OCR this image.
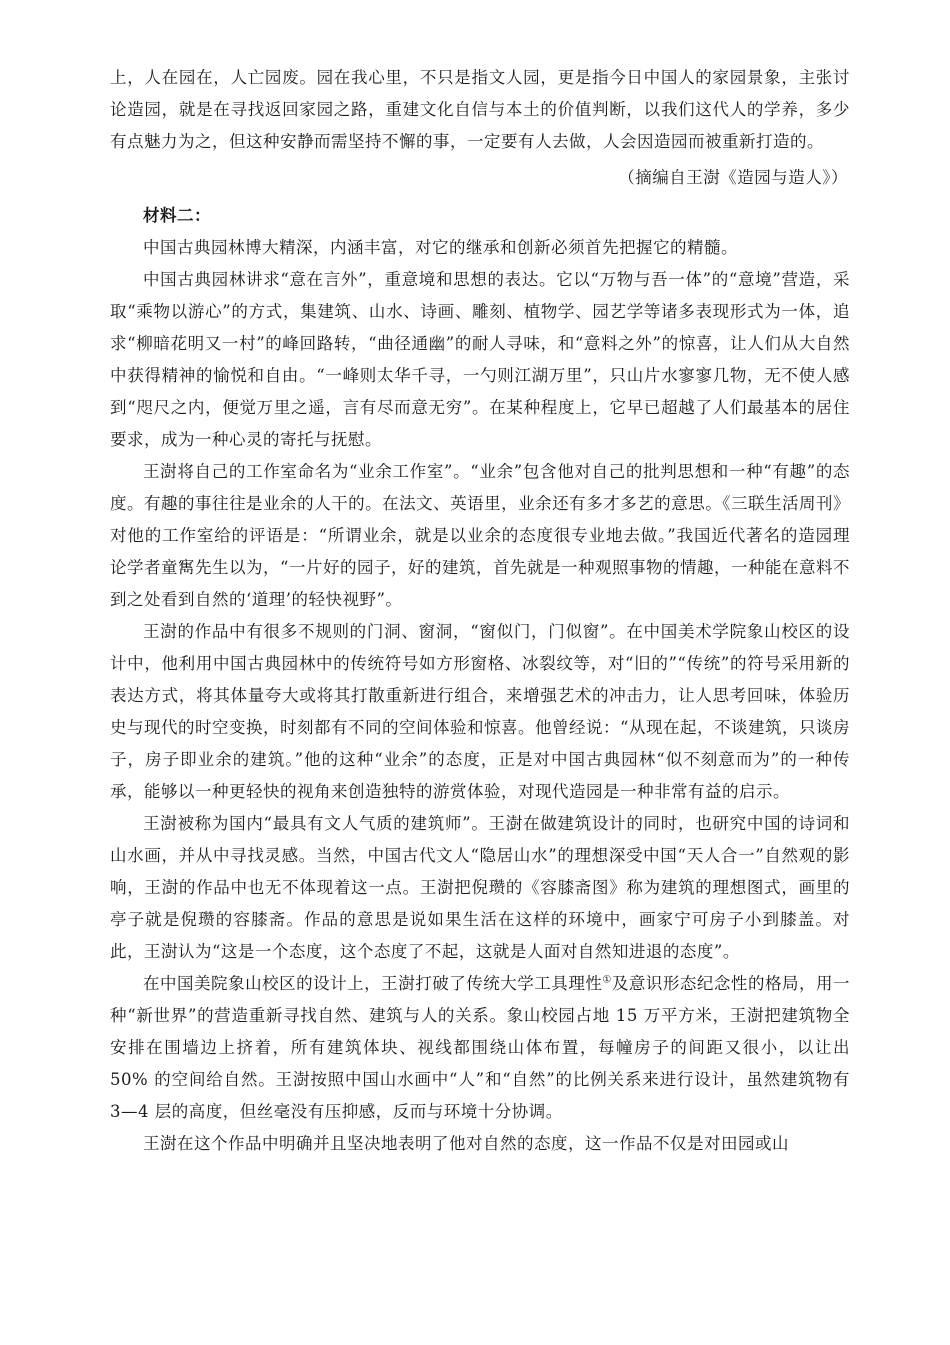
上，人在园在，人亡园废。园在我心里，不只是指文人园，更是指今日中国人的家园景象，主张讨论造园，就是在寻找返回家园之路，重建文化自信与本土的价值判断，以我们这代人的学养，多少有点魅力为之，但这种安静而需坚持不懈的事，一定要有人去做，人会因造园而被重新打造的。

（摘编自王澍《造园与造人》）

材料二：

中国古典园林博大精深，内涵丰富，对它的继承和创新必须首先把握它的精髓。

中国古典园林讲求“意在言外”，重意境和思想的表达。它以“万物与吾一体”的“意境”营造，采取“乘物以游心”的方式，集建筑、山水、诗画、雕刻、植物学、园艺学等诸多表现形式为一体，追求“柳暗花明又一村”的峰回路转，“曲径通幽”的耐人寻味，和“意料之外”的惊喜，让人们从大自然中获得精神的愉悦和自由。“一峰则太华千寻，一勺则江湖万里”，只山片水寥寥几物，无不使人感到“咫尺之内，便觉万里之遥，言有尽而意无穷”。在某种程度上，它早已超越了人们最基本的居住要求，成为一种心灵的寄托与抚慰。

王澍将自己的工作室命名为“业余工作室”。“业余”包含他对自己的批判思想和一种“有趣”的态度。有趣的事往往是业余的人干的。在法文、英语里，业余还有多才多艺的意思。《三联生活周刊》对他的工作室给的评语是：“所谓业余，就是以业余的态度很专业地去做。”我国近代著名的造园理论学者童寯先生以为，“一片好的园子，好的建筑，首先就是一种观照事物的情趣，一种能在意料不到之处看到自然的‘道理’的轻快视野”。

王澍的作品中有很多不规则的门洞、窗洞，“窗似门，门似窗”。在中国美术学院象山校区的设计中，他利用中国古典园林中的传统符号如方形窗格、冰裂纹等，对“旧的”“传统”的符号采用新的表达方式，将其体量夸大或将其打散重新进行组合，来增强艺术的冲击力，让人思考回味，体验历史与现代的时空变换，时刻都有不同的空间体验和惊喜。他曾经说：“从现在起，不谈建筑，只谈房子，房子即业余的建筑。”他的这种“业余”的态度，正是对中国古典园林“似不刻意而为”的一种传承，能够以一种更轻快的视角来创造独特的游赏体验，对现代造园是一种非常有益的启示。

王澍被称为国内“最具有文人气质的建筑师”。王澍在做建筑设计的同时，也研究中国的诗词和山水画，并从中寻找灵感。当然，中国古代文人“隐居山水”的理想深受中国“天人合一”自然观的影响，王澍的作品中也无不体现着这一点。王澍把倪瓒的《容膝斋图》称为建筑的理想图式，画里的亭子就是倪瓒的容膝斋。作品的意思是说如果生活在这样的环境中，画家宁可房子小到膝盖。对此，王澍认为“这是一个态度，这个态度了不起，这就是人面对自然知进退的态度”。

在中国美院象山校区的设计上，王澍打破了传统大学工具理性①及意识形态纪念性的格局，用一种“新世界”的营造重新寻找自然、建筑与人的关系。象山校园占地 15 万平方米，王澍把建筑物全安排在围墙边上挤着，所有建筑体块、视线都围绕山体布置，每幢房子的间距又很小，以让出 50% 的空间给自然。王澍按照中国山水画中“人”和“自然”的比例关系来进行设计，虽然建筑物有 3—4 层的高度，但丝毫没有压抑感，反而与环境十分协调。

王澍在这个作品中明确并且坚决地表明了他对自然的态度，这一作品不仅是对田园或山
